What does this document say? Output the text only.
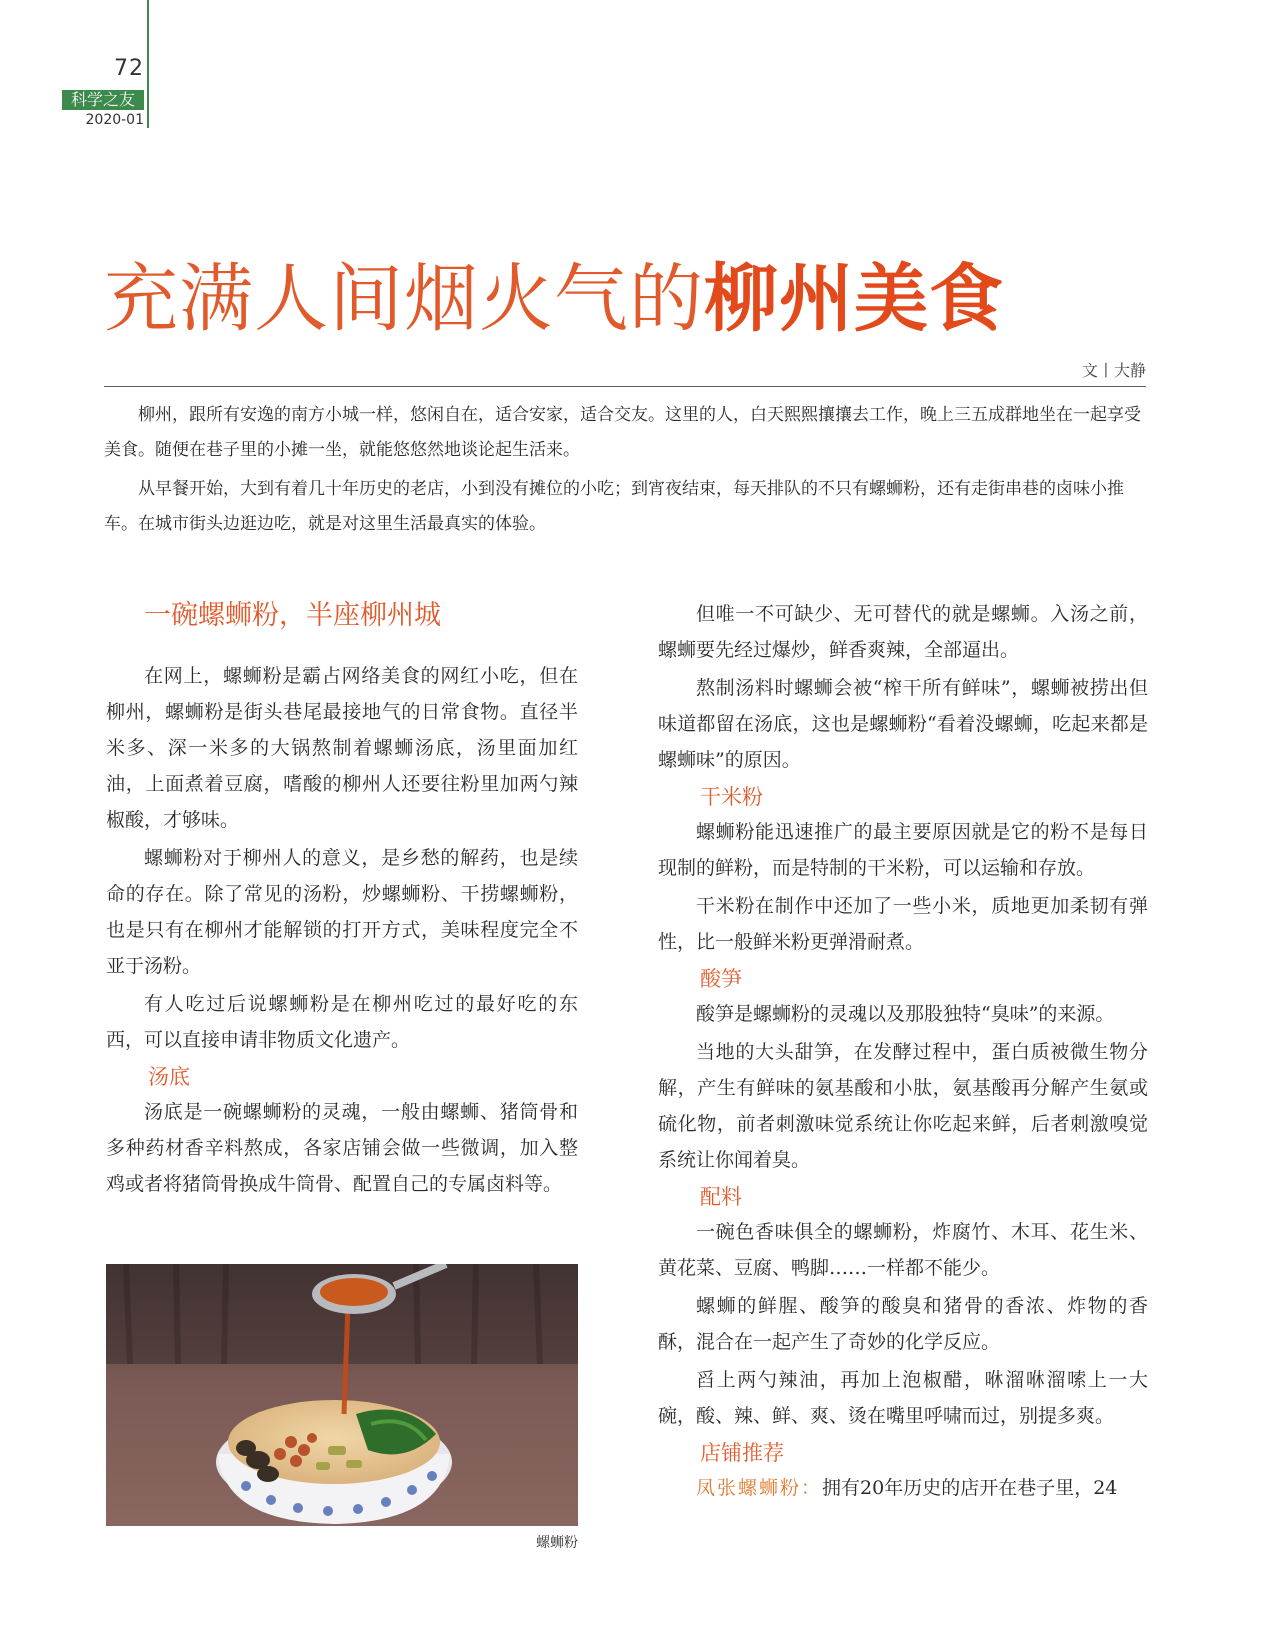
72
科学之友
2020-01
充满人间烟火气的柳州美食
文丨大静

柳州，跟所有安逸的南方小城一样，悠闲自在，适合安家，适合交友。这里的人，白天熙熙攘攘去工作，晚上三五成群地坐在一起享受美食。随便在巷子里的小摊一坐，就能悠悠然地谈论起生活来。

从早餐开始，大到有着几十年历史的老店，小到没有摊位的小吃；到宵夜结束，每天排队的不只有螺蛳粉，还有走街串巷的卤味小推车。在城市街头边逛边吃，就是对这里生活最真实的体验。

一碗螺蛳粉，半座柳州城

在网上，螺蛳粉是霸占网络美食的网红小吃，但在柳州，螺蛳粉是街头巷尾最接地气的日常食物。直径半米多、深一米多的大锅熬制着螺蛳汤底，汤里面加红油，上面煮着豆腐，嗜酸的柳州人还要往粉里加两勺辣椒酸，才够味。

螺蛳粉对于柳州人的意义，是乡愁的解药，也是续命的存在。除了常见的汤粉，炒螺蛳粉、干捞螺蛳粉，也是只有在柳州才能解锁的打开方式，美味程度完全不亚于汤粉。

有人吃过后说螺蛳粉是在柳州吃过的最好吃的东西，可以直接申请非物质文化遗产。

汤底

汤底是一碗螺蛳粉的灵魂，一般由螺蛳、猪筒骨和多种药材香辛料熬成，各家店铺会做一些微调，加入整鸡或者将猪筒骨换成牛筒骨、配置自己的专属卤料等。

螺蛳粉

但唯一不可缺少、无可替代的就是螺蛳。入汤之前，螺蛳要先经过爆炒，鲜香爽辣，全部逼出。

熬制汤料时螺蛳会被“榨干所有鲜味”，螺蛳被捞出但味道都留在汤底，这也是螺蛳粉“看着没螺蛳，吃起来都是螺蛳味”的原因。

干米粉

螺蛳粉能迅速推广的最主要原因就是它的粉不是每日现制的鲜粉，而是特制的干米粉，可以运输和存放。

干米粉在制作中还加了一些小米，质地更加柔韧有弹性，比一般鲜米粉更弹滑耐煮。

酸笋

酸笋是螺蛳粉的灵魂以及那股独特“臭味”的来源。

当地的大头甜笋，在发酵过程中，蛋白质被微生物分解，产生有鲜味的氨基酸和小肽，氨基酸再分解产生氨或硫化物，前者刺激味觉系统让你吃起来鲜，后者刺激嗅觉系统让你闻着臭。

配料

一碗色香味俱全的螺蛳粉，炸腐竹、木耳、花生米、黄花菜、豆腐、鸭脚……一样都不能少。

螺蛳的鲜腥、酸笋的酸臭和猪骨的香浓、炸物的香酥，混合在一起产生了奇妙的化学反应。

舀上两勺辣油，再加上泡椒醋，咻溜咻溜嗦上一大碗，酸、辣、鲜、爽、烫在嘴里呼啸而过，别提多爽。

店铺推荐

凤张螺蛳粉：拥有20年历史的店开在巷子里，24
